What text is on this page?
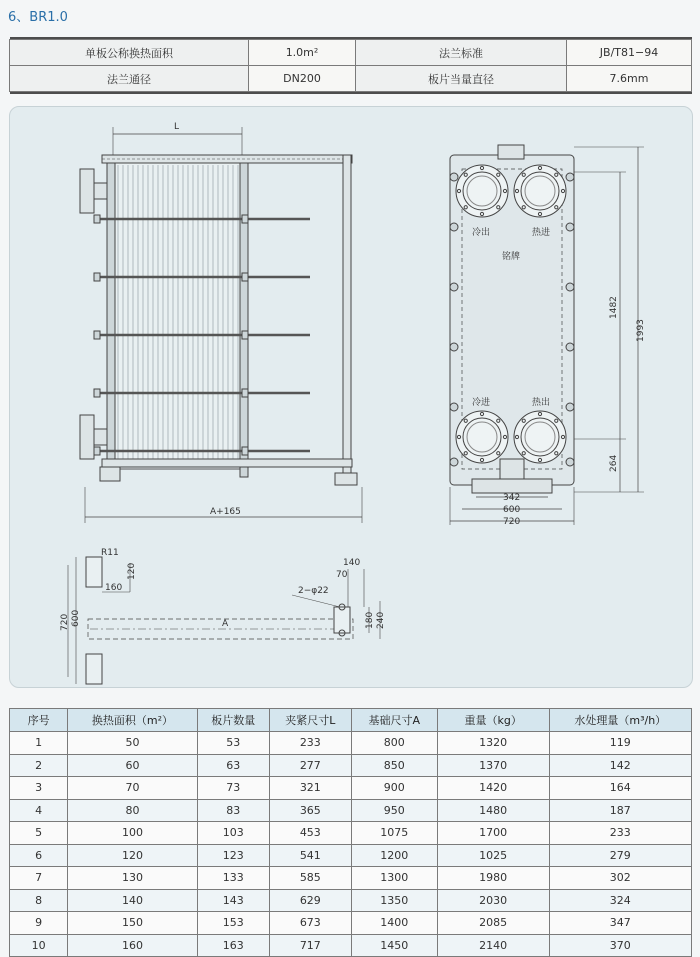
6、BR1.0

单板公称换热面积	1.0m²	法兰标准	JB/T81−94
法兰通径	DN200	板片当量直径	7.6mm

L
A+165
1993
1482
264
342
600
720
冷出	热进
铭牌
冷进	热出
R11
120
160
720 600	A
140
70
2−φ22
180 240
序号	换热面积（m²）	板片数量	夹紧尺寸L	基础尺寸A	重量（kg）	水处理量（m³/h）
1	50	53	233	800	1320	119
2	60	63	277	850	1370	142
3	70	73	321	900	1420	164
4	80	83	365	950	1480	187
5	100	103	453	1075	1700	233
6	120	123	541	1200	1025	279
7	130	133	585	1300	1980	302
8	140	143	629	1350	2030	324
9	150	153	673	1400	2085	347
10	160	163	717	1450	2140	370
